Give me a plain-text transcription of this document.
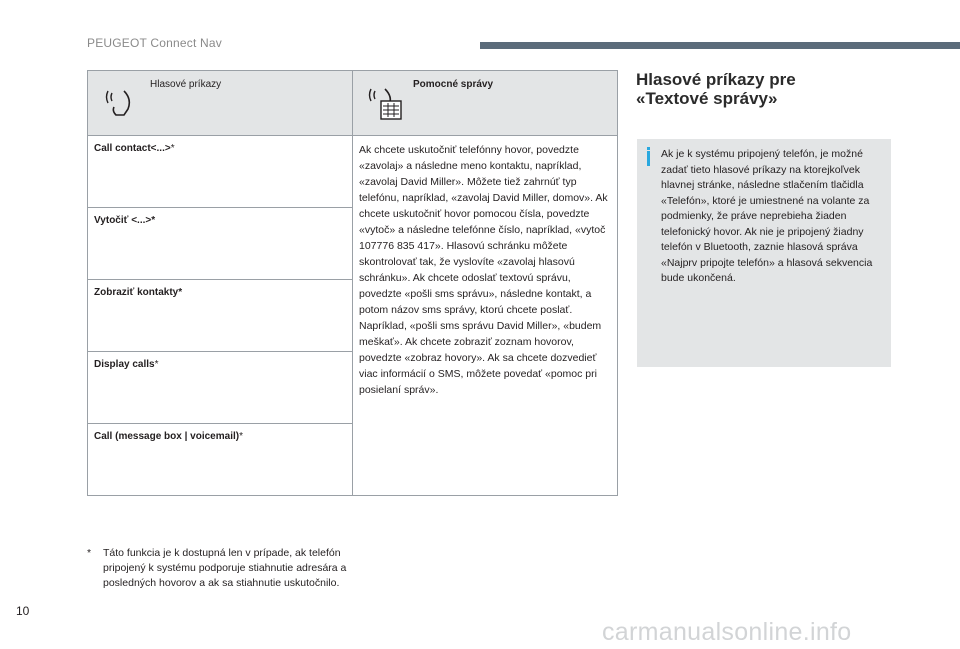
PEUGEOT Connect Nav
Hlasové príkazy	Pomocné správy

Call contact<...>*	Ak chcete uskutočniť telefónny hovor, povedzte «zavolaj» a následne meno kontaktu, napríklad, «zavolaj David Miller». Môžete tiež zahrnúť typ telefónu, napríklad, «zavolaj David Miller, domov». Ak chcete uskutočniť hovor pomocou čísla, povedzte «vytoč» a následne telefónne číslo, napríklad, «vytoč 107776 835 417». Hlasovú schránku môžete skontrolovať tak, že vyslovíte «zavolaj hlasovú schránku». Ak chcete odoslať textovú správu, povedzte «pošli sms správu», následne kontakt, a potom názov sms správy, ktorú chcete poslať. Napríklad, «pošli sms správu David Miller», «budem meškať». Ak chcete zobraziť zoznam hovorov, povedzte «zobraz hovory». Ak sa chcete dozvedieť viac informácií o SMS, môžete povedať «pomoc pri posielaní správ».
Vytočiť <...>*	
Zobraziť kontakty*	
Display calls*	
Call (message box | voicemail)*	
*	Táto funkcia je k dostupná len v prípade, ak telefón pripojený k systému podporuje stiahnutie adresára a posledných hovorov a ak sa stiahnutie uskutočnilo.
Hlasové príkazy pre
«Textové správy»
Ak je k systému pripojený telefón, je možné zadať tieto hlasové príkazy na ktorejkoľvek hlavnej stránke, následne stlačením tlačidla «Telefón», ktoré je umiestnené na volante za podmienky, že práve neprebieha žiaden telefonický hovor. Ak nie je pripojený žiadny telefón v Bluetooth, zaznie hlasová správa «Najprv pripojte telefón» a hlasová sekvencia bude ukončená.
10
carmanualsonline.info
